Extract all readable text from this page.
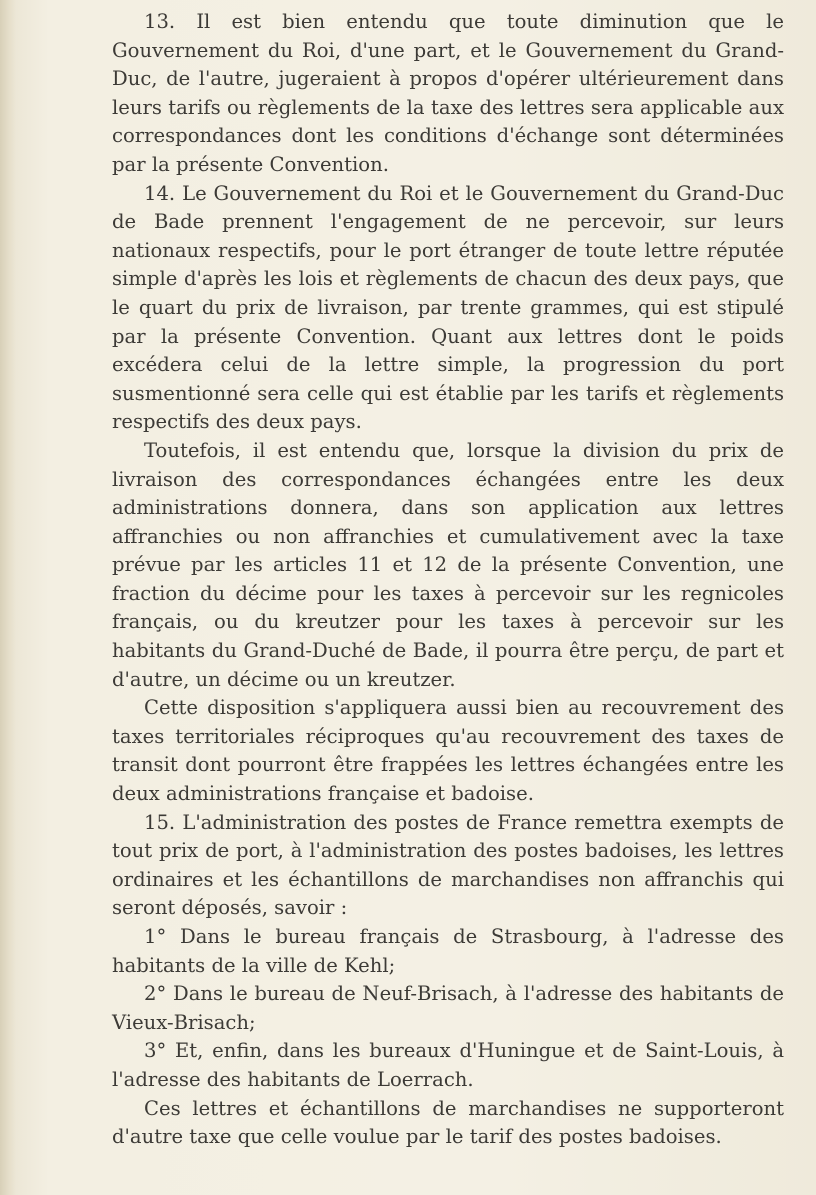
13. Il est bien entendu que toute diminution que le Gouvernement du Roi, d'une part, et le Gouvernement du Grand-Duc, de l'autre, jugeraient à propos d'opérer ultérieurement dans leurs tarifs ou règlements de la taxe des lettres sera applicable aux correspondances dont les conditions d'échange sont déterminées par la présente Convention.

14. Le Gouvernement du Roi et le Gouvernement du Grand-Duc de Bade prennent l'engagement de ne percevoir, sur leurs nationaux respectifs, pour le port étranger de toute lettre réputée simple d'après les lois et règlements de chacun des deux pays, que le quart du prix de livraison, par trente grammes, qui est stipulé par la présente Convention. Quant aux lettres dont le poids excédera celui de la lettre simple, la progression du port susmentionné sera celle qui est établie par les tarifs et règlements respectifs des deux pays.

Toutefois, il est entendu que, lorsque la division du prix de livraison des correspondances échangées entre les deux administrations donnera, dans son application aux lettres affranchies ou non affranchies et cumulativement avec la taxe prévue par les articles 11 et 12 de la présente Convention, une fraction du décime pour les taxes à percevoir sur les regnicoles français, ou du kreutzer pour les taxes à percevoir sur les habitants du Grand-Duché de Bade, il pourra être perçu, de part et d'autre, un décime ou un kreutzer.

Cette disposition s'appliquera aussi bien au recouvrement des taxes territoriales réciproques qu'au recouvrement des taxes de transit dont pourront être frappées les lettres échangées entre les deux administrations française et badoise.

15. L'administration des postes de France remettra exempts de tout prix de port, à l'administration des postes badoises, les lettres ordinaires et les échantillons de marchandises non affranchis qui seront déposés, savoir :

1° Dans le bureau français de Strasbourg, à l'adresse des habitants de la ville de Kehl;

2° Dans le bureau de Neuf-Brisach, à l'adresse des habitants de Vieux-Brisach;

3° Et, enfin, dans les bureaux d'Huningue et de Saint-Louis, à l'adresse des habitants de Loerrach.

Ces lettres et échantillons de marchandises ne supporteront d'autre taxe que celle voulue par le tarif des postes badoises.
